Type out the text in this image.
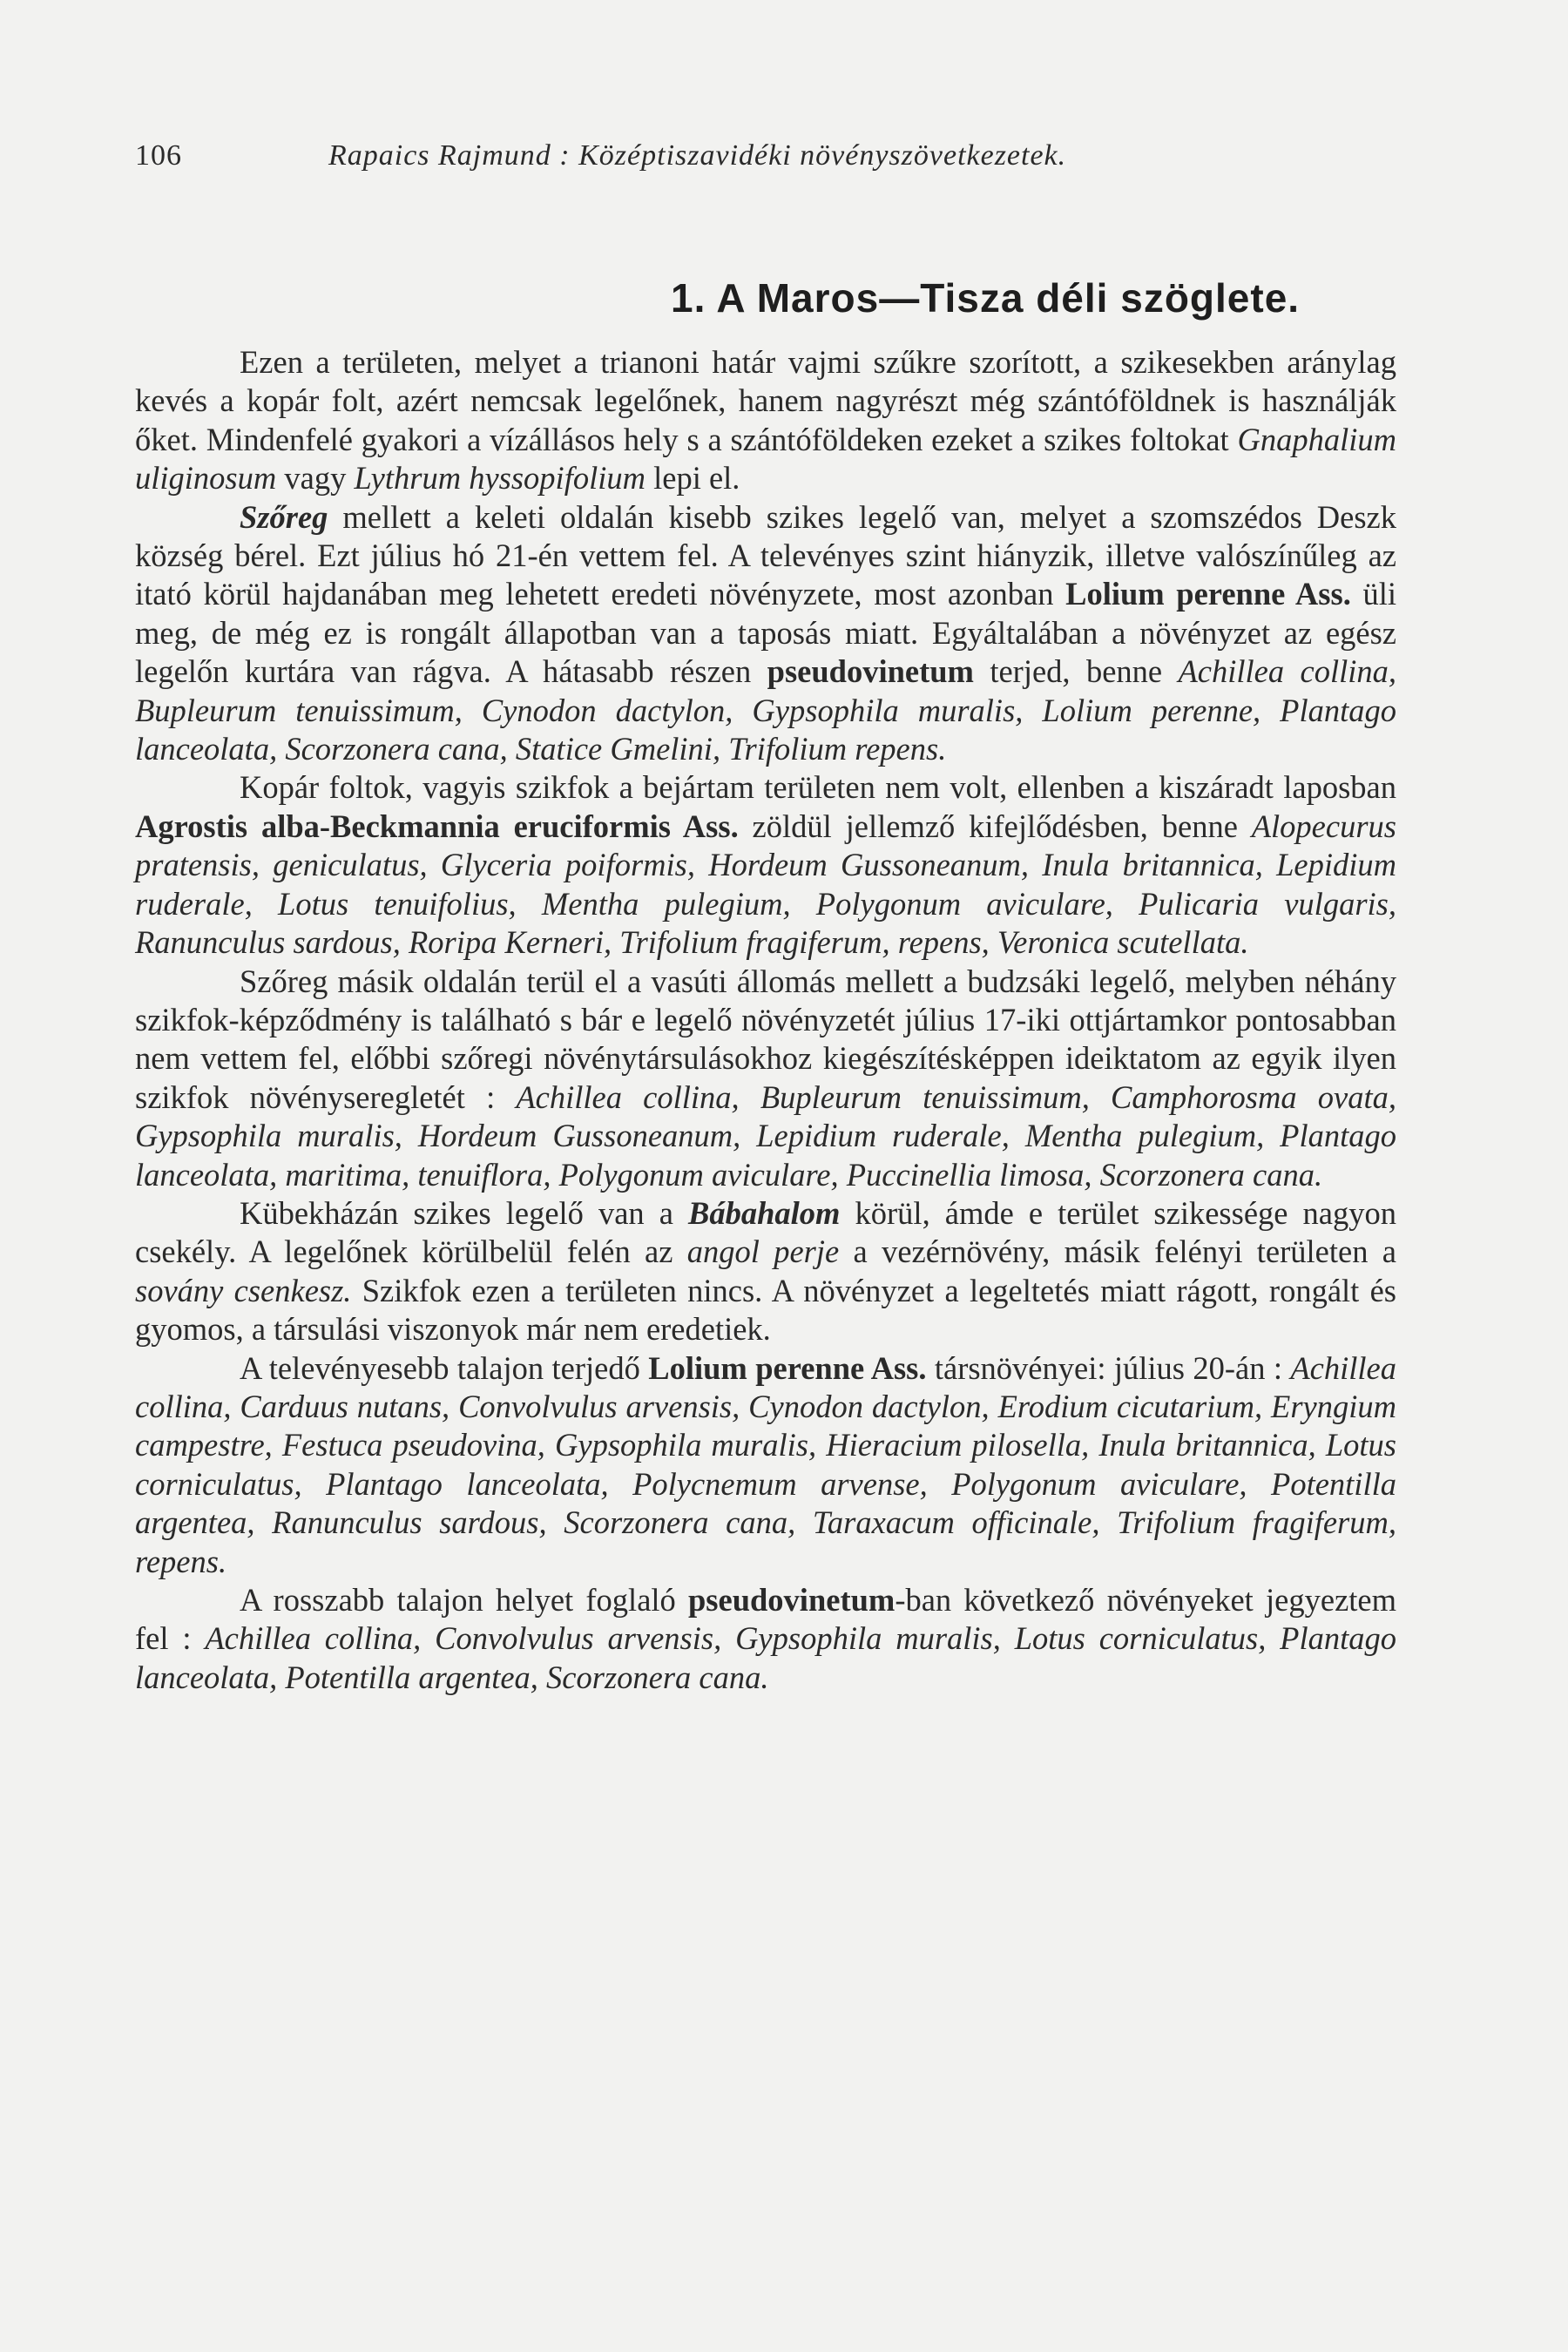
106	Rapaics Rajmund : Középtiszavidéki növényszövetkezetek.
1. A Maros—Tisza déli szöglete.

Ezen a területen, melyet a trianoni határ vajmi szűkre szorított, a szikesekben aránylag kevés a kopár folt, azért nemcsak legelőnek, hanem nagyrészt még szántóföldnek is használják őket. Mindenfelé gyakori a vízállásos hely s a szántóföldeken ezeket a szikes foltokat Gnaphalium uliginosum vagy Lythrum hyssopifolium lepi el.

Szőreg mellett a keleti oldalán kisebb szikes legelő van, melyet a szomszédos Deszk község bérel. Ezt július hó 21-én vettem fel. A televényes szint hiányzik, illetve valószínűleg az itató körül hajdanában meg lehetett eredeti növényzete, most azonban Lolium perenne Ass. üli meg, de még ez is rongált állapotban van a taposás miatt. Egyáltalában a növényzet az egész legelőn kurtára van rágva. A hátasabb részen pseudovinetum terjed, benne Achillea collina, Bupleurum tenuissimum, Cynodon dactylon, Gypsophila muralis, Lolium perenne, Plantago lanceolata, Scorzonera cana, Statice Gmelini, Trifolium repens.

Kopár foltok, vagyis szikfok a bejártam területen nem volt, ellenben a kiszáradt laposban Agrostis alba-Beckmannia eruciformis Ass. zöldül jellemző kifejlődésben, benne Alopecurus pratensis, geniculatus, Glyceria poiformis, Hordeum Gussoneanum, Inula britannica, Lepidium ruderale, Lotus tenuifolius, Mentha pulegium, Polygonum aviculare, Pulicaria vulgaris, Ranunculus sardous, Roripa Kerneri, Trifolium fragiferum, repens, Veronica scutellata.

Szőreg másik oldalán terül el a vasúti állomás mellett a budzsáki legelő, melyben néhány szikfok-képződmény is található s bár e legelő növényzetét július 17-iki ottjártamkor pontosabban nem vettem fel, előbbi szőregi növénytársulásokhoz kiegészítésképpen ideiktatom az egyik ilyen szikfok növényseregletét : Achillea collina, Bupleurum tenuissimum, Camphorosma ovata, Gypsophila muralis, Hordeum Gussoneanum, Lepidium ruderale, Mentha pulegium, Plantago lanceolata, maritima, tenuiflora, Polygonum aviculare, Puccinellia limosa, Scorzonera cana.

Kübekházán szikes legelő van a Bábahalom körül, ámde e terület szikessége nagyon csekély. A legelőnek körülbelül felén az angol perje a vezérnövény, másik felényi területen a sovány csenkesz. Szikfok ezen a területen nincs. A növényzet a legeltetés miatt rágott, rongált és gyomos, a társulási viszonyok már nem eredetiek.

A televényesebb talajon terjedő Lolium perenne Ass. társnövényei: július 20-án : Achillea collina, Carduus nutans, Convolvulus arvensis, Cynodon dactylon, Erodium cicutarium, Eryngium campestre, Festuca pseudovina, Gypsophila muralis, Hieracium pilosella, Inula britannica, Lotus corniculatus, Plantago lanceolata, Polycnemum arvense, Polygonum aviculare, Potentilla argentea, Ranunculus sardous, Scorzonera cana, Taraxacum officinale, Trifolium fragiferum, repens.

A rosszabb talajon helyet foglaló pseudovinetum-ban következő növényeket jegyeztem fel : Achillea collina, Convolvulus arvensis, Gypsophila muralis, Lotus corniculatus, Plantago lanceolata, Potentilla argentea, Scorzonera cana.
